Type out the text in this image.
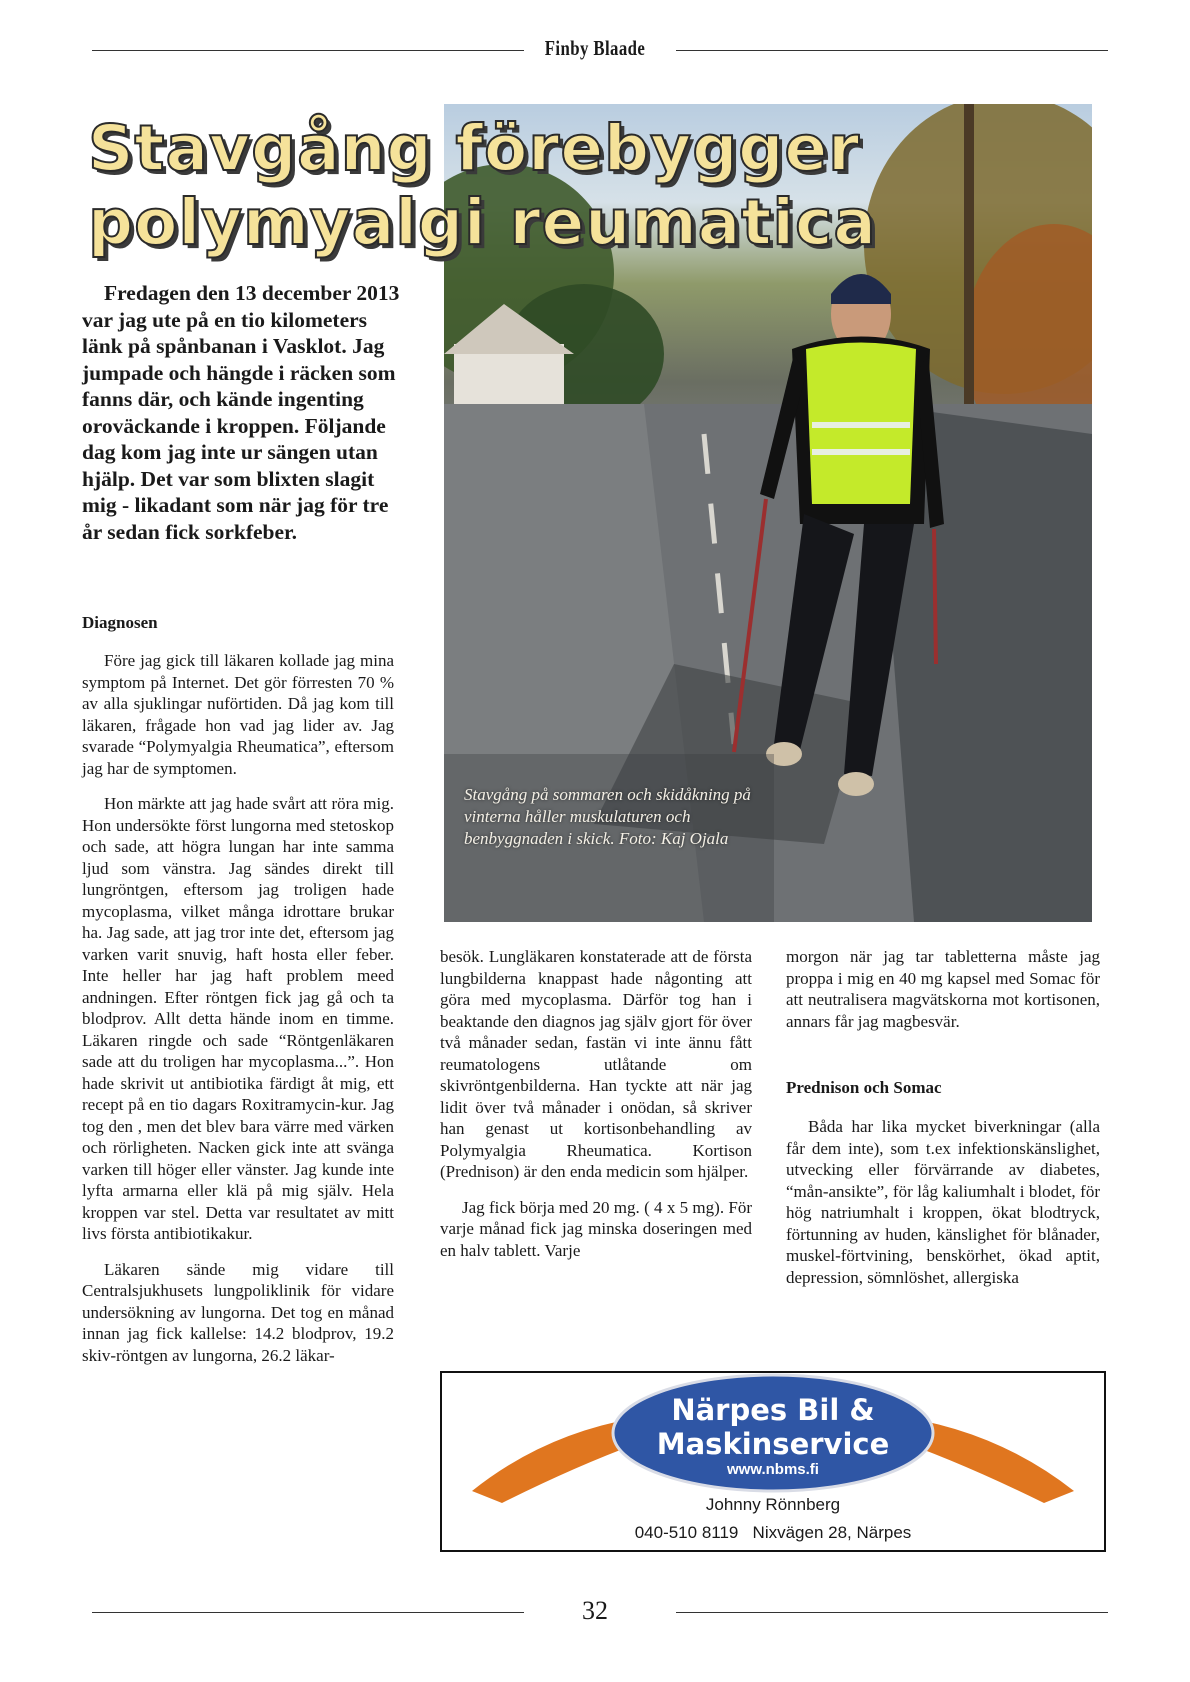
Finby Blaade
Stavgång på sommaren och skidåkning på vinterna håller muskulaturen och benbyggnaden i skick. Foto: Kaj Ojala
Stavgång förebygger
polymyalgi reumatica

Fredagen den 13 december 2013 var jag ute på en tio kilometers länk på spånbanan i Vasklot. Jag jumpade och hängde i räcken som fanns där, och kände ingenting oroväckande i kroppen. Följande dag kom jag inte ur sängen utan hjälp. Det var som blixten slagit mig - likadant som när jag för tre år sedan fick sorkfeber.

Diagnosen

Före jag gick till läkaren kollade jag mina symptom på Internet. Det gör förresten 70 % av alla sjuklingar nuförtiden. Då jag kom till läkaren, frågade hon vad jag lider av. Jag svarade “Polymyalgia Rheumatica”, eftersom jag har de symptomen.

Hon märkte att jag hade svårt att röra mig. Hon undersökte först lungorna med stetoskop och sade, att högra lungan har inte samma ljud som vänstra. Jag sändes direkt till lungröntgen, eftersom jag troligen hade mycoplasma, vilket många idrottare brukar ha. Jag sade, att jag tror inte det, eftersom jag varken varit snuvig, haft hosta eller feber. Inte heller har jag haft problem meed andningen. Efter röntgen fick jag gå och ta blodprov. Allt detta hände inom en timme. Läkaren ringde och sade “Röntgenläkaren sade att du troligen har mycoplasma...”. Hon hade skrivit ut antibiotika färdigt åt mig, ett recept på en tio dagars Roxitramycin-kur. Jag tog den , men det blev bara värre med värken och rörligheten. Nacken gick inte att svänga varken till höger eller vänster. Jag kunde inte lyfta armarna eller klä på mig själv. Hela kroppen var stel. Detta var resultatet av mitt livs första antibiotikakur.

Läkaren sände mig vidare till Centralsjukhusets lungpoliklinik för vidare undersökning av lungorna. Det tog en månad innan jag fick kallelse: 14.2 blodprov, 19.2 skiv-röntgen av lungorna, 26.2 läkar-

besök. Lungläkaren konstaterade att de första lungbilderna knappast hade någonting att göra med mycoplasma. Därför tog han i beaktande den diagnos jag själv gjort för över två månader sedan, fastän vi inte ännu fått reumatologens utlåtande om skivröntgenbilderna. Han tyckte att när jag lidit över två månader i onödan, så skriver han genast ut kortisonbehandling av Polymyalgia Rheumatica. Kortison (Prednison) är den enda medicin som hjälper.

Jag fick börja med 20 mg. ( 4 x 5 mg). För varje månad fick jag minska doseringen med en halv tablett. Varje

morgon när jag tar tabletterna måste jag proppa i mig en 40 mg kapsel med Somac för att neutralisera magvätskorna mot kortisonen, annars får jag magbesvär.

Prednison och Somac

Båda har lika mycket biverkningar (alla får dem inte), som t.ex infektionskänslighet, utvecking eller förvärrande av diabetes, “mån-ansikte”, för låg kaliumhalt i blodet, för hög natriumhalt i kroppen, ökat blodtryck, förtunning av huden, känslighet för blånader, muskel-förtvining, benskörhet, ökad aptit, depression, sömnlöshet, allergiska

Närpes Bil &
Maskinservice
www.nbms.fi
Johnny Rönnberg
040-510 8119   Nixvägen 28, Närpes
32
